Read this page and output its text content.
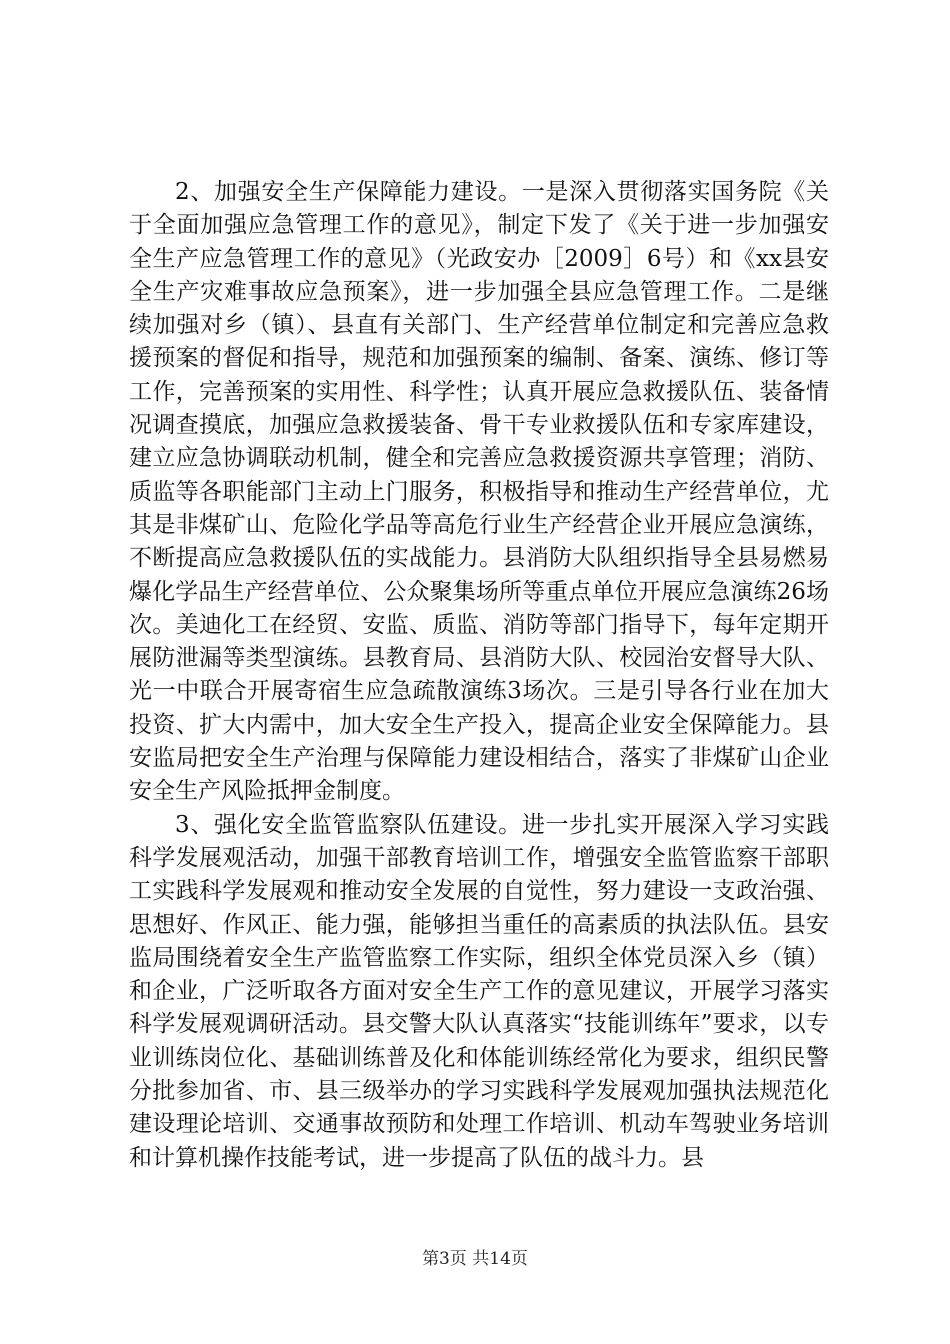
2、加强安全生产保障能力建设。一是深入贯彻落实国务院《关于全面加强应急管理工作的意见》，制定下发了《关于进一步加强安全生产应急管理工作的意见》（光政安办［2009］6号）和《xx县安全生产灾难事故应急预案》，进一步加强全县应急管理工作。二是继续加强对乡（镇）、县直有关部门、生产经营单位制定和完善应急救援预案的督促和指导，规范和加强预案的编制、备案、演练、修订等工作，完善预案的实用性、科学性；认真开展应急救援队伍、装备情况调查摸底，加强应急救援装备、骨干专业救援队伍和专家库建设，建立应急协调联动机制，健全和完善应急救援资源共享管理；消防、质监等各职能部门主动上门服务，积极指导和推动生产经营单位，尤其是非煤矿山、危险化学品等高危行业生产经营企业开展应急演练，不断提高应急救援队伍的实战能力。县消防大队组织指导全县易燃易爆化学品生产经营单位、公众聚集场所等重点单位开展应急演练26场次。美迪化工在经贸、安监、质监、消防等部门指导下，每年定期开展防泄漏等类型演练。县教育局、县消防大队、校园治安督导大队、光一中联合开展寄宿生应急疏散演练3场次。三是引导各行业在加大投资、扩大内需中，加大安全生产投入，提高企业安全保障能力。县安监局把安全生产治理与保障能力建设相结合，落实了非煤矿山企业安全生产风险抵押金制度。

3、强化安全监管监察队伍建设。进一步扎实开展深入学习实践科学发展观活动，加强干部教育培训工作，增强安全监管监察干部职工实践科学发展观和推动安全发展的自觉性，努力建设一支政治强、思想好、作风正、能力强，能够担当重任的高素质的执法队伍。县安监局围绕着安全生产监管监察工作实际，组织全体党员深入乡（镇）和企业，广泛听取各方面对安全生产工作的意见建议，开展学习落实科学发展观调研活动。县交警大队认真落实“技能训练年”要求，以专业训练岗位化、基础训练普及化和体能训练经常化为要求，组织民警分批参加省、市、县三级举办的学习实践科学发展观加强执法规范化建设理论培训、交通事故预防和处理工作培训、机动车驾驶业务培训和计算机操作技能考试，进一步提高了队伍的战斗力。县

第3页 共14页
